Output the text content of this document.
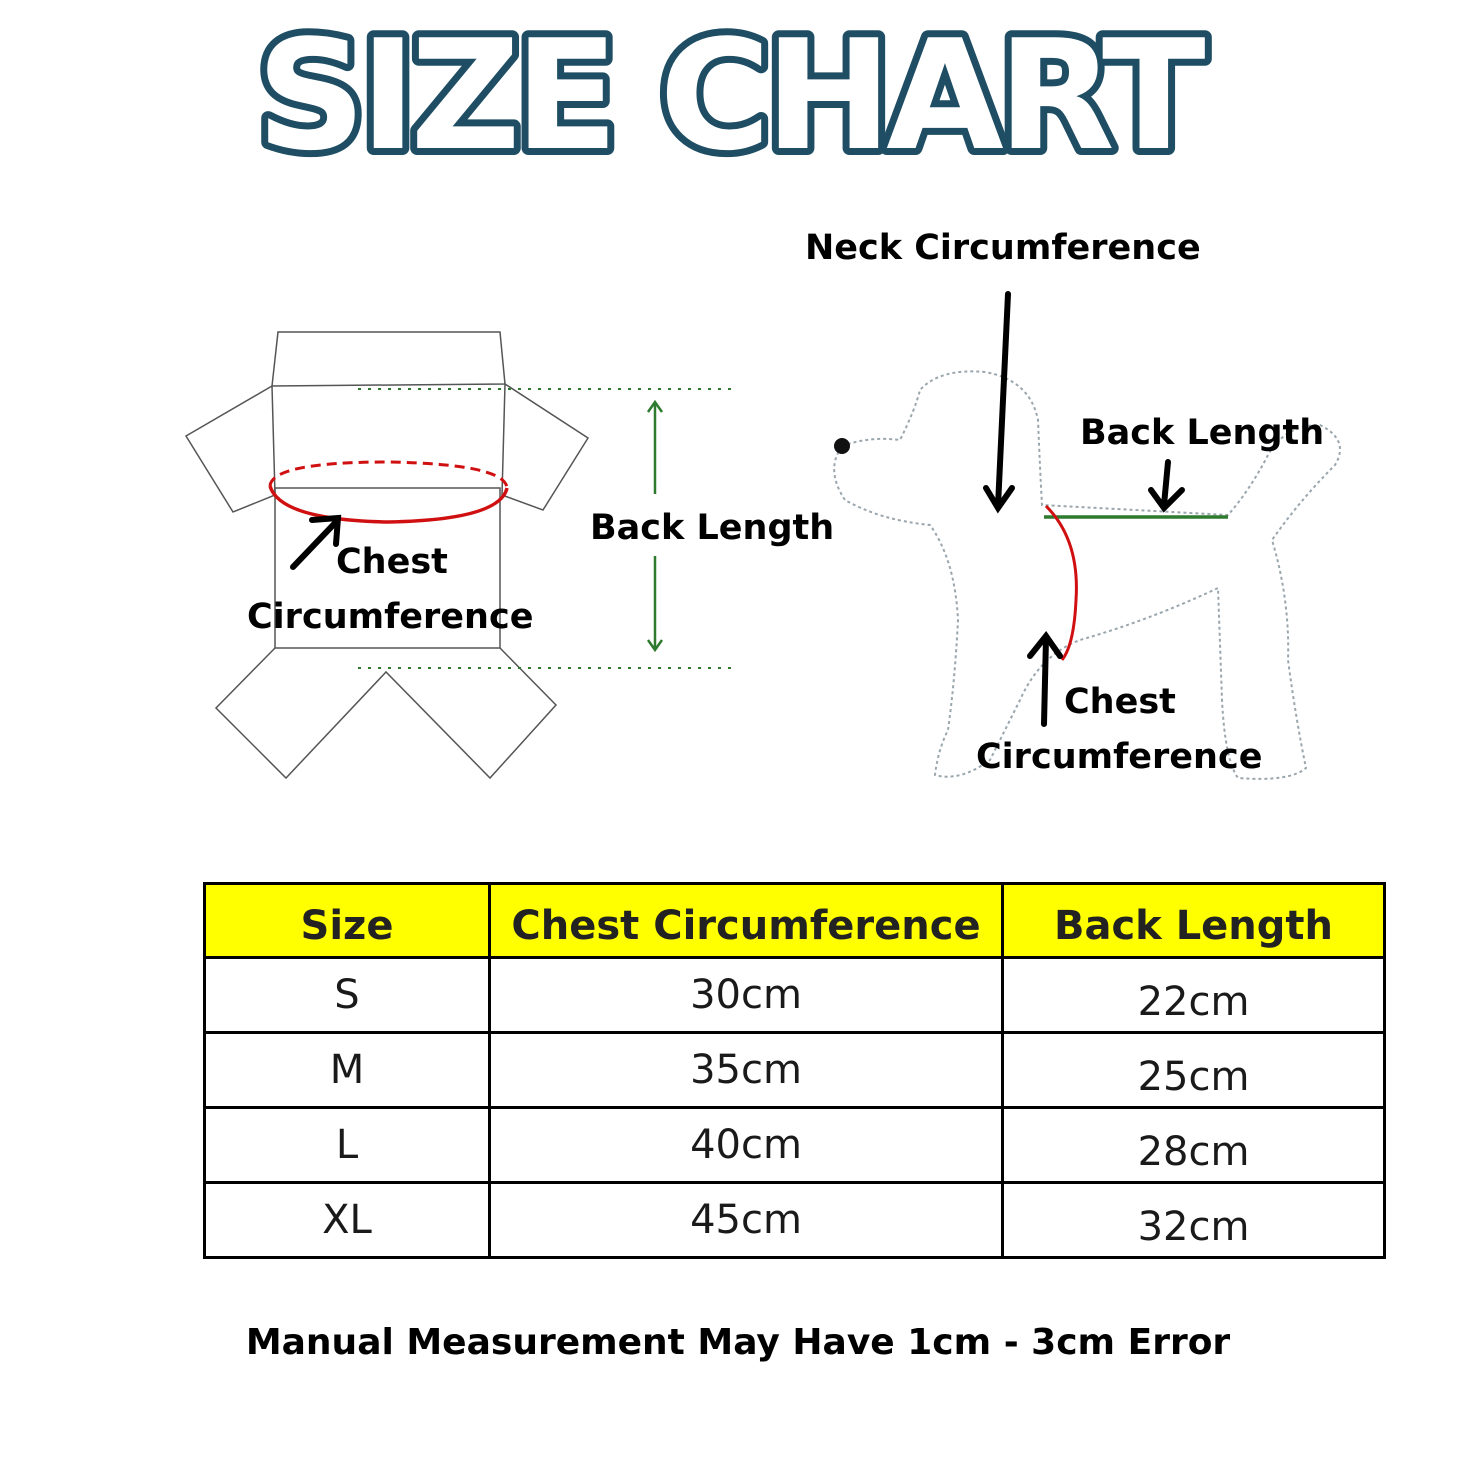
SIZE CHART
Back Length
Chest
Circumference
Neck Circumference
Back Length
Chest
Circumference
Size	Chest Circumference	Back Length
S	30cm	22cm
M	35cm	25cm
L	40cm	28cm
XL	45cm	32cm
Manual Measurement May Have 1cm - 3cm Error
